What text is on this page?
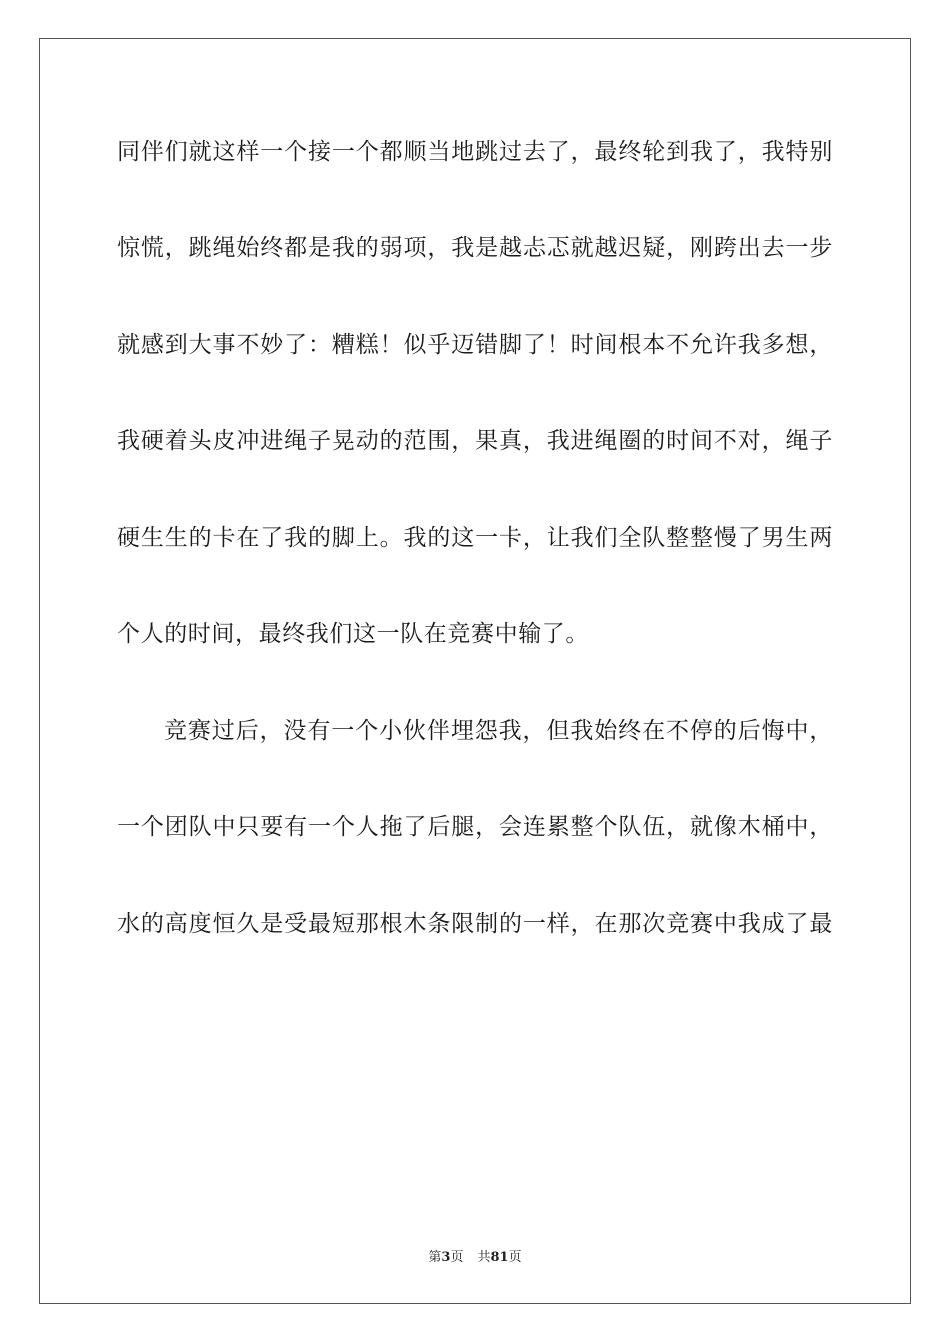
同伴们就这样一个接一个都顺当地跳过去了，最终轮到我了，我特别
惊慌，跳绳始终都是我的弱项，我是越忐忑就越迟疑，刚跨出去一步
就感到大事不妙了：糟糕！似乎迈错脚了！时间根本不允许我多想，
我硬着头皮冲进绳子晃动的范围，果真，我进绳圈的时间不对，绳子
硬生生的卡在了我的脚上。我的这一卡，让我们全队整整慢了男生两
个人的时间，最终我们这一队在竞赛中输了。
竞赛过后，没有一个小伙伴埋怨我，但我始终在不停的后悔中，
一个团队中只要有一个人拖了后腿，会连累整个队伍，就像木桶中，
水的高度恒久是受最短那根木条限制的一样，在那次竞赛中我成了最
第3页 共81页
